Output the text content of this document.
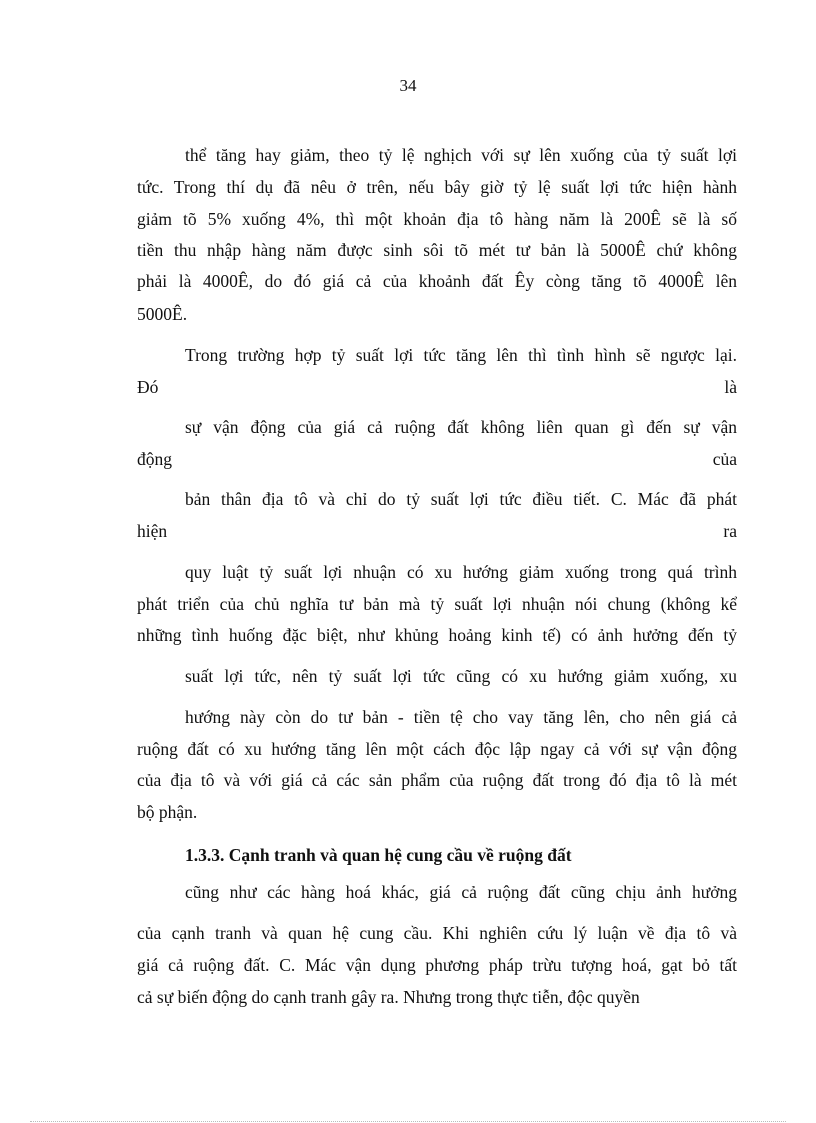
34
thể tăng hay giảm, theo tỷ lệ nghịch với sự lên xuống của tỷ suất lợi
tức. Trong thí dụ đã nêu ở trên, nếu bây giờ tỷ lệ suất lợi tức hiện hành
giảm tõ 5% xuống 4%, thì một khoản địa tô hàng năm là 200Ê sẽ là số
tiền thu nhập hàng năm được sinh sôi tõ mét tư bản là 5000Ê chứ không
phải là 4000Ê, do đó giá cả của khoảnh đất Êy còng tăng tõ 4000Ê lên
5000Ê.
Trong trường hợp tỷ suất lợi tức tăng lên thì tình hình sẽ ngược lại.
Đó	là
sự vận động của giá cả ruộng đất không liên quan gì đến sự vận
động	của
bản thân địa tô và chỉ do tỷ suất lợi tức điều tiết. C. Mác đã phát
hiện	ra
quy luật tỷ suất lợi nhuận có xu hướng giảm xuống trong quá trình
phát triển của chủ nghĩa tư bản mà tỷ suất lợi nhuận nói chung (không kể
những tình huống đặc biệt, như khủng hoảng kinh tế) có ảnh hưởng đến tỷ
suất lợi tức, nên tỷ suất lợi tức cũng có xu hướng giảm xuống, xu
hướng này còn do tư bản - tiền tệ cho vay tăng lên, cho nên giá cả
ruộng đất có xu hướng tăng lên một cách độc lập ngay cả với sự vận động
của địa tô và với giá cả các sản phẩm của ruộng đất trong đó địa tô là mét
bộ phận.
1.3.3. Cạnh tranh và quan hệ cung cầu về ruộng đất
cũng như các hàng hoá khác, giá cả ruộng đất cũng chịu ảnh hưởng
của cạnh tranh và quan hệ cung cầu. Khi nghiên cứu lý luận về địa tô và
giá cả ruộng đất. C. Mác vận dụng phương pháp trừu tượng hoá, gạt bỏ tất
cả sự biến động do cạnh tranh gây ra. Nhưng trong thực tiễn, độc quyền
